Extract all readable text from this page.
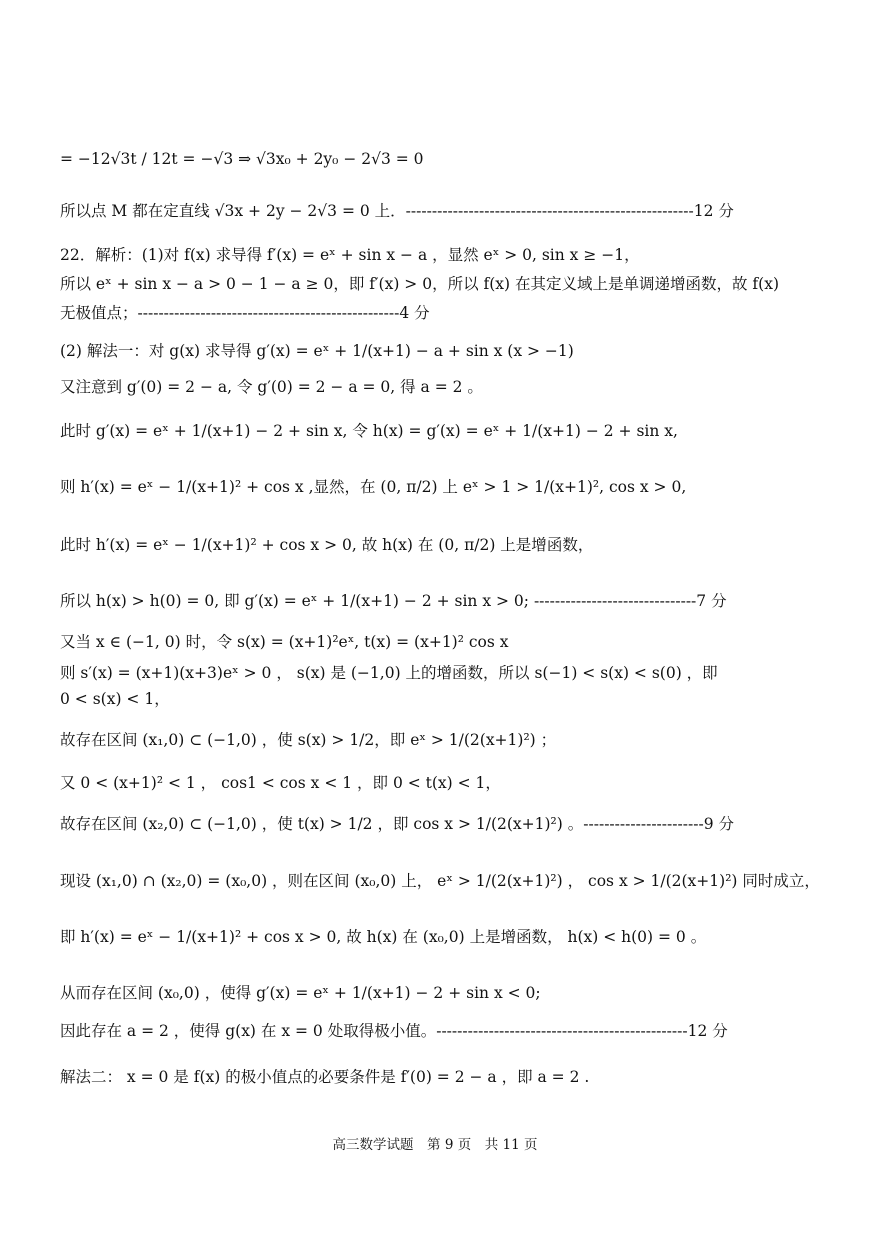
= −12√3t / 12t = −√3 ⇒ √3x₀ + 2y₀ − 2√3 = 0
所以点 M 都在定直线 √3x + 2y − 2√3 = 0 上．-------------------------------------------------------12 分
22．解析：(1)对 f(x) 求导得 f′(x) = eˣ + sin x − a ，显然 eˣ > 0, sin x ≥ −1，
所以 eˣ + sin x − a > 0 − 1 − a ≥ 0，即 f′(x) > 0，所以 f(x) 在其定义域上是单调递增函数，故 f(x)
无极值点；--------------------------------------------------4 分
(2) 解法一：对 g(x) 求导得 g′(x) = eˣ + 1/(x+1) − a + sin x (x > −1)
又注意到 g′(0) = 2 − a, 令 g′(0) = 2 − a = 0, 得 a = 2 。
此时 g′(x) = eˣ + 1/(x+1) − 2 + sin x, 令 h(x) = g′(x) = eˣ + 1/(x+1) − 2 + sin x,
则 h′(x) = eˣ − 1/(x+1)² + cos x ,显然，在 (0, π/2) 上 eˣ > 1 > 1/(x+1)², cos x > 0,
此时 h′(x) = eˣ − 1/(x+1)² + cos x > 0, 故 h(x) 在 (0, π/2) 上是增函数，
所以 h(x) > h(0) = 0, 即 g′(x) = eˣ + 1/(x+1) − 2 + sin x > 0; -------------------------------7 分
又当 x ∈ (−1, 0) 时，令 s(x) = (x+1)²eˣ, t(x) = (x+1)² cos x
则 s′(x) = (x+1)(x+3)eˣ > 0 ， s(x) 是 (−1,0) 上的增函数，所以 s(−1) < s(x) < s(0) ，即
0 < s(x) < 1，
故存在区间 (x₁,0) ⊂ (−1,0) ，使 s(x) > 1/2，即 eˣ > 1/(2(x+1)²) ；
又 0 < (x+1)² < 1 ， cos1 < cos x < 1 ，即 0 < t(x) < 1，
故存在区间 (x₂,0) ⊂ (−1,0) ，使 t(x) > 1/2 ，即 cos x > 1/(2(x+1)²) 。-----------------------9 分
现设 (x₁,0) ∩ (x₂,0) = (x₀,0) ，则在区间 (x₀,0) 上， eˣ > 1/(2(x+1)²) ， cos x > 1/(2(x+1)²) 同时成立，
即 h′(x) = eˣ − 1/(x+1)² + cos x > 0, 故 h(x) 在 (x₀,0) 上是增函数， h(x) < h(0) = 0 。
从而存在区间 (x₀,0) ，使得 g′(x) = eˣ + 1/(x+1) − 2 + sin x < 0;
因此存在 a = 2 ，使得 g(x) 在 x = 0 处取得极小值。------------------------------------------------12 分
解法二： x = 0 是 f(x) 的极小值点的必要条件是 f′(0) = 2 − a ，即 a = 2 .
高三数学试题　第 9 页　共 11 页
